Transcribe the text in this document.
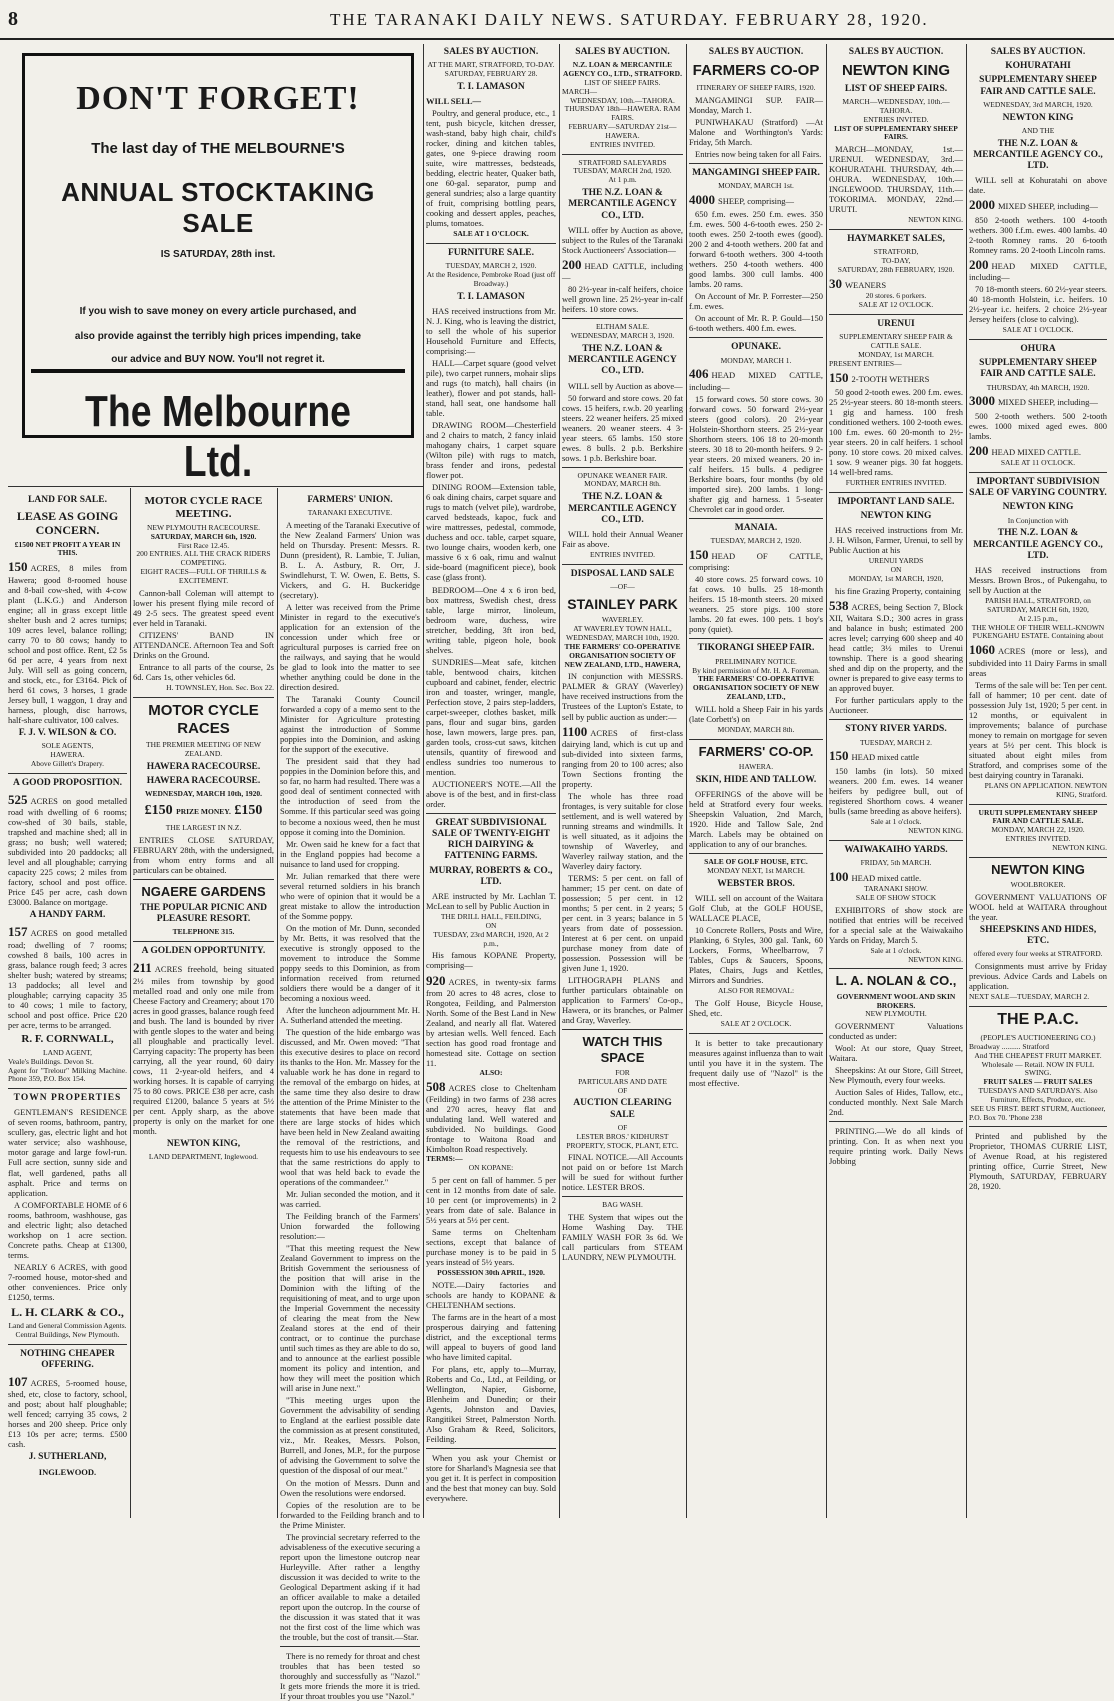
8	THE TARANAKI DAILY NEWS. SATURDAY. FEBRUARY 28, 1920.
DON'T FORGET!
The last day of THE MELBOURNE'S
ANNUAL STOCKTAKING SALE
IS SATURDAY, 28th inst.
If you wish to save money on every article purchased, and
also provide against the terribly high prices impending, take
our advice and BUY NOW. You'll not regret it.
The Melbourne Ltd.
LAND FOR SALE.
LEASE AS GOING CONCERN.
£1500 NET PROFIT A YEAR IN THIS.
150 ACRES, 8 miles from Hawera; good 8-roomed house and 8-bail cow-shed, with 4-cow plant (L.K.G.) and Anderson engine; all in grass except little shelter bush and 2 acres turnips; 109 acres level, balance rolling; carry 70 to 80 cows; handy to school and post office. Rent, £2 5s 6d per acre, 4 years from next July. Will sell as going concern, and stock, etc., for £3164. Pick of herd 61 cows, 3 horses, 1 grade Jersey bull, 1 waggon, 1 dray and harness, plough, disc harrows, half-share cultivator, 100 calves.
F. J. V. WILSON & CO.
SOLE AGENTS,
HAWERA.
Above Gillett's Drapery.
A GOOD PROPOSITION.
525 ACRES on good metalled road with dwelling of 6 rooms; cow-shed of 30 bails, stable, trapshed and machine shed; all in grass; no bush; well watered; subdivided into 20 paddocks; all level and all ploughable; carrying capacity 225 cows; 2 miles from factory, school and post office. Price £45 per acre, cash down £3000. Balance on mortgage.
A HANDY FARM.
157 ACRES on good metalled road; dwelling of 7 rooms; cowshed 8 bails, 100 acres in grass, balance rough feed; 3 acres shelter bush; watered by streams; 13 paddocks; all level and ploughable; carrying capacity 35 to 40 cows; 1 mile to factory, school and post office. Price £20 per acre, terms to be arranged.
R. F. CORNWALL,
LAND AGENT,
Veale's Buildings. Devon St.
Agent for "Trelour" Milking Machine. Phone 359, P.O. Box 154.
TOWN PROPERTIES
GENTLEMAN'S RESIDENCE of seven rooms, bathroom, pantry, scullery, gas, electric light and hot water service; also washhouse, motor garage and large fowl-run. Full acre section, sunny side and flat, well gardened, paths all asphalt. Price and terms on application.
A COMFORTABLE HOME of 6 rooms, bathroom, washhouse, gas and electric light; also detached workshop on 1 acre section. Concrete paths. Cheap at £1300, terms.
NEARLY 6 ACRES, with good 7-roomed house, motor-shed and other conveniences. Price only £1250, terms.
L. H. CLARK & CO.,
Land and General Commission Agents. Central Buildings, New Plymouth.
NOTHING CHEAPER OFFERING.
107 ACRES, 5-roomed house, shed, etc, close to factory, school, and post; about half ploughable; well fenced; carrying 35 cows, 2 horses and 200 sheep. Price only £13 10s per acre; terms. £500 cash.
J. SUTHERLAND,
INGLEWOOD.
MOTOR CYCLE RACE MEETING.
NEW PLYMOUTH RACECOURSE.
SATURDAY, MARCH 6th, 1920.
First Race 12.45.
200 ENTRIES. ALL THE CRACK RIDERS COMPETING.
EIGHT RACES—FULL OF THRILLS & EXCITEMENT.
Cannon-ball Coleman will attempt to lower his present flying mile record of 49 2-5 secs. The greatest speed event ever held in Taranaki.
CITIZENS' BAND IN ATTENDANCE. Afternoon Tea and Soft Drinks on the Ground.
Entrance to all parts of the course, 2s 6d. Cars 1s, other vehicles 6d.
H. TOWNSLEY, Hon. Sec. Box 22.
MOTOR CYCLE RACES
THE PREMIER MEETING OF NEW ZEALAND.
HAWERA RACECOURSE.
HAWERA RACECOURSE.
WEDNESDAY, MARCH 10th, 1920.
£150 PRIZE MONEY. £150
THE LARGEST IN N.Z.
ENTRIES CLOSE SATURDAY, FEBRUARY 28th, with the undersigned, from whom entry forms and all particulars can be obtained.
NGAERE GARDENS
THE POPULAR PICNIC AND PLEASURE RESORT.
TELEPHONE 315.
A GOLDEN OPPORTUNITY.
211 ACRES freehold, being situated 2½ miles from township by good metalled road and only one mile from Cheese Factory and Creamery; about 170 acres in good grasses, balance rough feed and bush. The land is bounded by river with gentle slopes to the water and being all ploughable and practically level. Carrying capacity: The property has been carrying, all the year round, 60 dairy cows, 11 2-year-old heifers, and 4 working horses. It is capable of carrying 75 to 80 cows. PRICE £38 per acre, cash required £1200, balance 5 years at 5½ per cent. Apply sharp, as the above property is only on the market for one month.
NEWTON KING,
LAND DEPARTMENT, Inglewood.
FARMERS' UNION.
TARANAKI EXECUTIVE.
A meeting of the Taranaki Executive of the New Zealand Farmers' Union was held on Thursday. Present: Messrs. R. Dunn (president), R. Lambie, T. Julian, B. L. A. Astbury, R. Orr, J. Swindlehurst, T. W. Owen, E. Betts, S. Vickers, and G. H. Buckeridge (secretary).
A letter was received from the Prime Minister in regard to the executive's application for an extension of the concession under which free or agricultural purposes is carried free on the railways, and saying that he would be glad to look into the matter to see whether anything could be done in the direction desired.
The Taranaki County Council forwarded a copy of a memo sent to the Minister for Agriculture protesting against the introduction of Somme poppies into the Dominion, and asking for the support of the executive.
The president said that they had poppies in the Dominion before this, and so far, no harm had resulted. There was a good deal of sentiment connected with the introduction of seed from the Somme. If this particular seed was going to become a noxious weed, then he must oppose it coming into the Dominion.
Mr. Owen said he knew for a fact that in the England poppies had become a nuisance to land used for cropping.
Mr. Julian remarked that there were several returned soldiers in his branch who were of opinion that it would be a great mistake to allow the introduction of the Somme poppy.
On the motion of Mr. Dunn, seconded by Mr. Betts, it was resolved that the executive is strongly opposed to the movement to introduce the Somme poppy seeds to this Dominion, as from information received from returned soldiers there would be a danger of it becoming a noxious weed.
After the luncheon adjournment Mr. H. A. Sutherland attended the meeting.
The question of the hide embargo was discussed, and Mr. Owen moved: "That this executive desires to place on record its thanks to the Hon. Mr. Massey for the valuable work he has done in regard to the removal of the embargo on hides, at the same time they also desire to draw the attention of the Prime Minister to the statements that have been made that there are large stocks of hides which have been held in New Zealand awaiting the removal of the restrictions, and requests him to use his endeavours to see that the same restrictions do apply to wool that was held back to evade the operations of the commandeer."
Mr. Julian seconded the motion, and it was carried.
The Feilding branch of the Farmers' Union forwarded the following resolution:—
"That this meeting request the New Zealand Government to impress on the British Government the seriousness of the position that will arise in the Dominion with the lifting of the requisitioning of meat, and to urge upon the Imperial Government the necessity of clearing the meat from the New Zealand stores at the end of their contract, or to continue the purchase until such times as they are able to do so, and to announce at the earliest possible moment its policy and intention, and how they will meet the position which will arise in June next."
"This meeting urges upon the Government the advisability of sending to England at the earliest possible date the commission as at present constituted, viz., Mr. Reakes, Messrs. Polson, Burrell, and Jones, M.P., for the purpose of advising the Government to solve the question of the disposal of our meat."
On the motion of Messrs. Dunn and Owen the resolutions were endorsed.
Copies of the resolution are to be forwarded to the Feilding branch and to the Prime Minister.
The provincial secretary referred to the advisableness of the executive securing a report upon the limestone outcrop near Hurleyville. After rather a lengthy discussion it was decided to write to the Geological Department asking if it had an officer available to make a detailed report upon the outcrop. In the course of the discussion it was stated that it was not the first cost of the lime which was the trouble, but the cost of transit.—Star.
There is no remedy for throat and chest troubles that has been tested so thoroughly and successfully as "Nazol." It gets more friends the more it is tried. If your throat troubles you use "Nazol."
SALES BY AUCTION.
AT THE MART, STRATFORD, TO-DAY.
SATURDAY, FEBRUARY 28.
T. I. LAMASON
WILL SELL—
Poultry, and general produce, etc., 1 tent, push bicycle, kitchen dresser, wash-stand, baby high chair, child's rocker, dining and kitchen tables, gates, one 9-piece drawing room suite, wire mattresses, bedsteads, bedding, electric heater, Quaker bath, one 60-gal. separator, pump and general sundries; also a large quantity of fruit, comprising bottling pears, cooking and dessert apples, peaches, plums, tomatoes.
SALE AT 1 O'CLOCK.
FURNITURE SALE.
TUESDAY, MARCH 2, 1920.
At the Residence, Pembroke Road (just off Broadway.)
T. I. LAMASON
HAS received instructions from Mr. N. J. King, who is leaving the district, to sell the whole of his superior Household Furniture and Effects, comprising:—
HALL—Carpet square (good velvet pile), two carpet runners, mohair slips and rugs (to match), hall chairs (in leather), flower and pot stands, hall-stand, hall seat, one handsome hall table.
DRAWING ROOM—Chesterfield and 2 chairs to match, 2 fancy inlaid mahogany chairs, 1 carpet square (Wilton pile) with rugs to match, brass fender and irons, pedestal flower pot.
DINING ROOM—Extension table, 6 oak dining chairs, carpet square and rugs to match (velvet pile), wardrobe, carved bedsteads, kapoc, fuck and wire mattresses, pedestal, commode, duchess and occ. table, carpet square, two lounge chairs, wooden kerb, one massive 6 x 6 oak, rimu and walnut side-board (magnificent piece), book case (glass front).
BEDROOM—One 4 x 6 iron bed, box mattress, Swedish chest, dress table, large mirror, linoleum, bedroom ware, duchess, wire stretcher, bedding, 3ft iron bed, writing table, pigeon hole, book shelves.
SUNDRIES—Meat safe, kitchen table, bentwood chairs, kitchen cupboard and cabinet, fender, electric iron and toaster, wringer, mangle, Perfection stove, 2 pairs step-ladders, carpet-sweeper, clothes basket, milk pans, flour and sugar bins, garden hose, lawn mowers, large pres. pan, garden tools, cross-cut saws, kitchen utensils, quantity of firewood and endless sundries too numerous to mention.
AUCTIONEER'S NOTE.—All the above is of the best, and in first-class order.
GREAT SUBDIVISIONAL SALE OF TWENTY-EIGHT RICH DAIRYING & FATTENING FARMS.
MURRAY, ROBERTS & CO., LTD.
ARE instructed by Mr. Lachlan T. McLean to sell by Public Auction in
THE DRILL HALL, FEILDING,
ON
TUESDAY, 23rd MARCH, 1920, At 2 p.m.,
His famous KOPANE Property, comprising—
920 ACRES, in twenty-six farms from 20 acres to 48 acres, close to Rongotea, Feilding, and Palmerston North. Some of the Best Land in New Zealand, and nearly all flat. Watered by artesian wells. Well fenced. Each section has good road frontage and homestead site. Cottage on section 11.
ALSO:
508 ACRES close to Cheltenham (Feilding) in two farms of 238 acres and 270 acres, heavy flat and undulating land. Well watered and subdivided. No buildings. Good frontage to Waitona Road and Kimbolton Road respectively.
TERMS:—
ON KOPANE:
5 per cent on fall of hammer. 5 per cent in 12 months from date of sale. 10 per cent (or improvements) in 2 years from date of sale. Balance in 5½ years at 5½ per cent.
Same terms on Cheltenham sections, except that balance of purchase money is to be paid in 5 years instead of 5½ years.
POSSESSION 30th APRIL, 1920.
NOTE.—Dairy factories and schools are handy to KOPANE & CHELTENHAM sections.
The farms are in the heart of a most prosperous dairying and fattening district, and the exceptional terms will appeal to buyers of good land who have limited capital.
For plans, etc, apply to—Murray, Roberts and Co., Ltd., at Feilding, or Wellington, Napier, Gisborne, Blenheim and Dunedin; or their Agents, Johnston and Davies, Rangitikei Street, Palmerston North. Also Graham & Reed, Solicitors, Feilding.
When you ask your Chemist or store for Sharland's Magnesia see that you get it. It is perfect in composition and the best that money can buy. Sold everywhere.
SALES BY AUCTION.
N.Z. LOAN & MERCANTILE AGENCY CO., LTD., STRATFORD.
LIST OF SHEEP FAIRS.
MARCH—
WEDNESDAY, 10th.—TAHORA. THURSDAY 18th—HAWERA. RAM FAIRS.
FEBRUARY—SATURDAY 21st—HAWERA.
ENTRIES INVITED.
STRATFORD SALEYARDS
TUESDAY, MARCH 2nd, 1920.
At 1 p.m.
THE N.Z. LOAN & MERCANTILE AGENCY CO., LTD.
WILL offer by Auction as above, subject to the Rules of the Taranaki Stock Auctioneers' Association—
200 HEAD CATTLE, including—
80 2½-year in-calf heifers, choice well grown line. 25 2½-year in-calf heifers. 10 store cows.
ELTHAM SALE.
WEDNESDAY, MARCH 3, 1920.
THE N.Z. LOAN & MERCANTILE AGENCY CO., LTD.
WILL sell by Auction as above—
50 forward and store cows. 20 fat cows. 15 heifers, r.w.b. 20 yearling steers. 22 weaner heifers. 25 mixed weaners. 20 weaner steers. 4 3-year steers. 65 lambs. 150 store ewes. 8 bulls. 2 p.b. Berkshire sows. 1 p.b. Berkshire boar.
OPUNAKE WEANER FAIR.
MONDAY, MARCH 8th.
THE N.Z. LOAN & MERCANTILE AGENCY CO., LTD.
WILL hold their Annual Weaner Fair as above.
ENTRIES INVITED.
DISPOSAL LAND SALE
—OF—
STAINLEY PARK
WAVERLEY.
AT WAVERLEY TOWN HALL,
WEDNESDAY, MARCH 10th, 1920.
THE FARMERS' CO-OPERATIVE ORGANISATION SOCIETY OF NEW ZEALAND, LTD., HAWERA,
IN conjunction with MESSRS. PALMER & GRAY (Waverley) have received instructions from the Trustees of the Lupton's Estate, to sell by public auction as under:—
1100 ACRES of first-class dairying land, which is cut up and sub-divided into sixteen farms, ranging from 20 to 100 acres; also Town Sections fronting the property.
The whole has three road frontages, is very suitable for close settlement, and is well watered by running streams and windmills. It is well situated, as it adjoins the township of Waverley, and Waverley railway station, and the Waverley dairy factory.
TERMS: 5 per cent. on fall of hammer; 15 per cent. on date of possession; 5 per cent. in 12 months; 5 per cent. in 2 years; 5 per cent. in 3 years; balance in 5 years from date of possession. Interest at 6 per cent. on unpaid purchase money from date of possession. Possession will be given June 1, 1920.
LITHOGRAPH PLANS and further particulars obtainable on application to Farmers' Co-op., Hawera, or its branches, or Palmer and Gray, Waverley.
WATCH THIS SPACE
FOR
PARTICULARS AND DATE
OF
AUCTION CLEARING SALE
OF
LESTER BROS.' KIDHURST PROPERTY, STOCK, PLANT, ETC.
FINAL NOTICE.—All Accounts not paid on or before 1st March will be sued for without further notice. LESTER BROS.
BAG WASH.
THE System that wipes out the Home Washing Day. THE FAMILY WASH FOR 3s 6d. We call particulars from STEAM LAUNDRY, NEW PLYMOUTH.
SALES BY AUCTION.
FARMERS CO-OP
ITINERARY OF SHEEP FAIRS, 1920.
MANGAMINGI SUP. FAIR—Monday, March 1.
PUNIWHAKAU (Stratford) —At Malone and Worthington's Yards: Friday, 5th March.
Entries now being taken for all Fairs.
MANGAMINGI SHEEP FAIR.
MONDAY, MARCH 1st.
4000 SHEEP, comprising—
650 f.m. ewes. 250 f.m. ewes. 350 f.m. ewes. 500 4-6-tooth ewes. 250 2-tooth ewes. 250 2-tooth ewes (good). 200 2 and 4-tooth wethers. 200 fat and forward 6-tooth wethers. 300 4-tooth wethers. 250 4-tooth wethers. 400 good lambs. 300 cull lambs. 400 lambs. 20 rams.
On Account of Mr. P. Forrester—250 f.m. ewes.
On account of Mr. R. P. Gould—150 6-tooth wethers. 400 f.m. ewes.
OPUNAKE.
MONDAY, MARCH 1.
406 HEAD MIXED CATTLE, including—
15 forward cows. 50 store cows. 30 forward cows. 50 forward 2½-year steers (good colors). 20 2½-year Holstein-Shorthorn steers. 25 2½-year Shorthorn steers. 106 18 to 20-month steers. 30 18 to 20-month heifers. 9 2-year steers. 20 mixed weaners. 20 in-calf heifers. 15 bulls. 4 pedigree Berkshire boars, four months (by old imported sire). 200 lambs. 1 long-shafter gig and harness. 1 5-seater Chevrolet car in good order.
MANAIA.
TUESDAY, MARCH 2, 1920.
150 HEAD OF CATTLE, comprising:
40 store cows. 25 forward cows. 10 fat cows. 10 bulls. 25 18-month heifers. 15 18-month steers. 20 mixed weaners. 25 store pigs. 100 store lambs. 20 fat ewes. 100 pets. 1 boy's pony (quiet).
TIKORANGI SHEEP FAIR.
PRELIMINARY NOTICE.
By kind permission of Mr. H. A. Foreman.
THE FARMERS' CO-OPERATIVE ORGANISATION SOCIETY OF NEW ZEALAND, LTD.,
WILL hold a Sheep Fair in his yards (late Corbett's) on
MONDAY, MARCH 8th.
FARMERS' CO-OP.
HAWERA.
SKIN, HIDE AND TALLOW.
OFFERINGS of the above will be held at Stratford every four weeks. Sheepskin Valuation, 2nd March, 1920. Hide and Tallow Sale, 2nd March. Labels may be obtained on application to any of our branches.
SALE OF GOLF HOUSE, ETC.
MONDAY NEXT, 1st MARCH.
WEBSTER BROS.
WILL sell on account of the Waitara Golf Club, at the GOLF HOUSE, WALLACE PLACE,
10 Concrete Rollers, Posts and Wire, Planking, 6 Styles, 300 gal. Tank, 60 Lockers, Forms, Wheelbarrow, 7 Tables, Cups & Saucers, Spoons, Plates, Chairs, Jugs and Kettles, Mirrors and Sundries.
ALSO FOR REMOVAL:
The Golf House, Bicycle House, Shed, etc.
SALE AT 2 O'CLOCK.
It is better to take precautionary measures against influenza than to wait until you have it in the system. The frequent daily use of "Nazol" is the most effective.
SALES BY AUCTION.
NEWTON KING
LIST OF SHEEP FAIRS.
MARCH—WEDNESDAY, 10th.—TAHORA.
ENTRIES INVITED.
LIST OF SUPPLEMENTARY SHEEP FAIRS.
MARCH—MONDAY, 1st.—URENUI. WEDNESDAY, 3rd.—KOHURATAHI. THURSDAY, 4th.—OHURA. WEDNESDAY, 10th.—INGLEWOOD. THURSDAY, 11th.—TOKORIMA. MONDAY, 22nd.—URUTI.
NEWTON KING.
HAYMARKET SALES,
STRATFORD,
TO-DAY,
SATURDAY, 28th FEBRUARY, 1920.
30 WEANERS
20 stores. 6 porkers.
SALE AT 12 O'CLOCK.
URENUI
SUPPLEMENTARY SHEEP FAIR & CATTLE SALE.
MONDAY, 1st MARCH.
PRESENT ENTRIES—
150 2-TOOTH WETHERS
50 good 2-tooth ewes. 200 f.m. ewes. 25 2½-year steers. 80 18-month steers. 1 gig and harness. 100 fresh conditioned wethers. 100 2-tooth ewes. 100 f.m. ewes. 60 20-month to 2½-year steers. 20 in calf heifers. 1 school pony. 10 store cows. 20 mixed calves. 1 sow. 9 weaner pigs. 30 fat hoggets. 14 well-bred rams.
FURTHER ENTRIES INVITED.
IMPORTANT LAND SALE.
NEWTON KING
HAS received instructions from Mr. J. H. Wilson, Farmer, Urenui, to sell by Public Auction at his
URENUI YARDS
ON
MONDAY, 1st MARCH, 1920,
his fine Grazing Property, containing
538 ACRES, being Section 7, Block XII, Waitara S.D.; 300 acres in grass and balance in bush; estimated 200 acres level; carrying 600 sheep and 40 head cattle; 3½ miles to Urenui township. There is a good shearing shed and dip on the property, and the owner is prepared to give easy terms to an approved buyer.
For further particulars apply to the Auctioneer.
STONY RIVER YARDS.
TUESDAY, MARCH 2.
150 HEAD mixed cattle
150 lambs (in lots). 50 mixed weaners. 200 f.m. ewes. 14 weaner heifers by pedigree bull, out of registered Shorthorn cows. 4 weaner bulls (same breeding as above heifers).
Sale at 1 o'clock.
NEWTON KING.
WAIWAKAIHO YARDS.
FRIDAY, 5th MARCH.
100 HEAD mixed cattle.
TARANAKI SHOW.
SALE OF SHOW STOCK
EXHIBITORS of show stock are notified that entries will be received for a special sale at the Waiwakaiho Yards on Friday, March 5.
Sale at 1 o'clock.
NEWTON KING.
L. A. NOLAN & CO.,
GOVERNMENT WOOL AND SKIN BROKERS.
NEW PLYMOUTH.
GOVERNMENT Valuations conducted as under:
Wool: At our store, Quay Street, Waitara.
Sheepskins: At our Store, Gill Street, New Plymouth, every four weeks.
Auction Sales of Hides, Tallow, etc., conducted monthly. Next Sale March 2nd.
PRINTING.—We do all kinds of printing. Con. It as when next you require printing work. Daily News Jobbing
SALES BY AUCTION.
KOHURATAHI
SUPPLEMENTARY SHEEP FAIR AND CATTLE SALE.
WEDNESDAY, 3rd MARCH, 1920.
NEWTON KING
AND THE
THE N.Z. LOAN & MERCANTILE AGENCY CO., LTD.
WILL sell at Kohuratahi on above date.
2000 MIXED SHEEP, including—
850 2-tooth wethers. 100 4-tooth wethers. 300 f.f.m. ewes. 400 lambs. 40 2-tooth Romney rams. 20 6-tooth Romney rams. 20 2-tooth Lincoln rams.
200 HEAD MIXED CATTLE, including—
70 18-month steers. 60 2½-year steers. 40 18-month Holstein, i.c. heifers. 10 2½-year i.c. heifers. 2 choice 2½-year Jersey heifers (close to calving).
SALE AT 1 O'CLOCK.
OHURA
SUPPLEMENTARY SHEEP FAIR AND CATTLE SALE.
THURSDAY, 4th MARCH, 1920.
3000 MIXED SHEEP, including—
500 2-tooth wethers. 500 2-tooth ewes. 1000 mixed aged ewes. 800 lambs.
200 HEAD MIXED CATTLE.
SALE AT 11 O'CLOCK.
IMPORTANT SUBDIVISION SALE OF VARYING COUNTRY.
NEWTON KING
In Conjunction with
THE N.Z. LOAN & MERCANTILE AGENCY CO., LTD.
HAS received instructions from Messrs. Brown Bros., of Pukengahu, to sell by Auction at the
PARISH HALL, STRATFORD, on SATURDAY, MARCH 6th, 1920,
At 2.15 p.m.,
THE WHOLE OF THEIR WELL-KNOWN PUKENGAHU ESTATE. Containing about
1060 ACRES (more or less), and subdivided into 11 Dairy Farms in small areas
Terms of the sale will be: Ten per cent. fall of hammer; 10 per cent. date of possession July 1st, 1920; 5 per cent. in 12 months, or equivalent in improvements; balance of purchase money to remain on mortgage for seven years at 5½ per cent. This block is situated about eight miles from Stratford, and comprises some of the best dairying country in Taranaki.
PLANS ON APPLICATION. NEWTON KING, Stratford.
URUTI SUPPLEMENTARY SHEEP FAIR AND CATTLE SALE.
MONDAY, MARCH 22, 1920.
ENTRIES INVITED.
NEWTON KING.
NEWTON KING
WOOLBROKER.
GOVERNMENT VALUATIONS OF WOOL held at WAITARA throughout the year.
SHEEPSKINS AND HIDES, ETC.
offered every four weeks at STRATFORD.
Consignments must arrive by Friday previous. Advice Cards and Labels on application.
NEXT SALE—TUESDAY, MARCH 2.
THE P.A.C.
(PEOPLE'S AUCTIONEERING CO.)
Broadway .......... Stratford
And THE CHEAPEST FRUIT MARKET. Wholesale — Retail. NOW IN FULL SWING.
FRUIT SALES — FRUIT SALES
TUESDAYS AND SATURDAYS. Also Furniture, Effects, Produce, etc.
SEE US FIRST. BERT STURM, Auctioneer,
P.O. Box 70. 'Phone 238
Printed and published by the Proprietor, THOMAS CURRIE LIST, of Avenue Road, at his registered printing office, Currie Street, New Plymouth, SATURDAY, FEBRUARY 28, 1920.
